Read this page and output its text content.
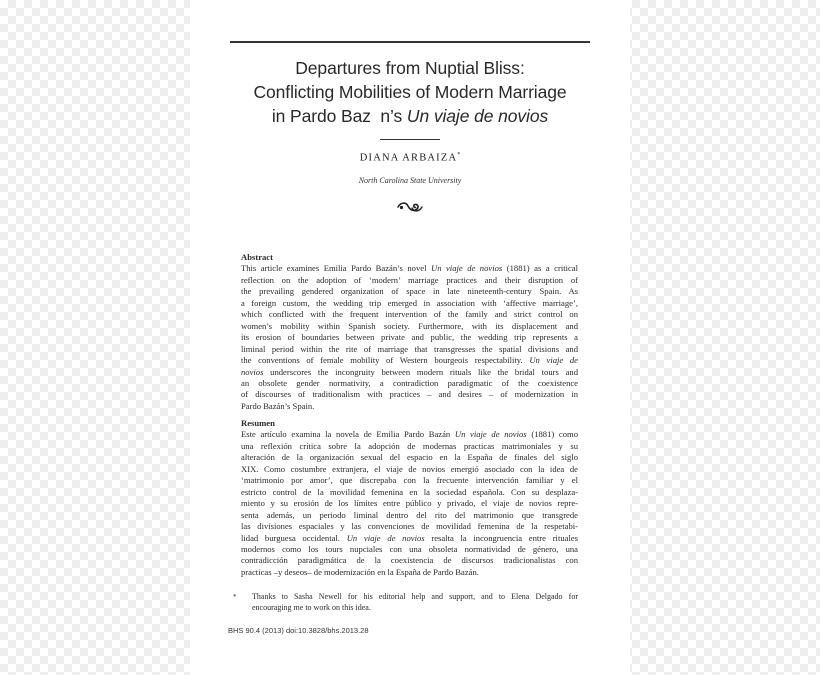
Departures from Nuptial Bliss:
Conflicting Mobilities of Modern Marriage
in Pardo Baz  n’s Un viaje de novios
DIANA ARBAIZA*
North Carolina State University
Abstract
This article examines Emilia Pardo Bazán’s novel Un viaje de novios (1881) as a critical
reflection on the adoption of ‘modern’ marriage practices and their disruption of
the prevailing gendered organization of space in late nineteenth-century Spain. As
a foreign custom, the wedding trip emerged in association with ‘affective marriage’,
which conflicted with the frequent intervention of the family and strict control on
women’s mobility within Spanish society. Furthermore, with its displacement and
its erosion of boundaries between private and public, the wedding trip represents a
liminal period within the rite of marriage that transgresses the spatial divisions and
the conventions of female mobility of Western bourgeois respectability. Un viaje de
novios underscores the incongruity between modern rituals like the bridal tours and
an obsolete gender normativity, a contradiction paradigmatic of the coexistence
of discourses of traditionalism with practices – and desires – of modernization in
Pardo Bazán’s Spain.
Resumen
Este artículo examina la novela de Emilia Pardo Bazán Un viaje de novios (1881) como
una reflexión crítica sobre la adopción de modernas practicas matrimoniales y su
alteración de la organización sexual del espacio en la España de finales del siglo
XIX. Como costumbre extranjera, el viaje de novios emergió asociado con la idea de
‘matrimonio por amor’, que discrepaba con la frecuente intervención familiar y el
estricto control de la movilidad femenina en la sociedad española. Con su desplaza-
miento y su erosión de los límites entre público y privado, el viaje de novios repre-
senta además, un periodo liminal dentro del rito del matrimonio que transgrede
las divisiones espaciales y las convenciones de movilidad femenina de la respetabi-
lidad burguesa occidental. Un viaje de novios resalta la incongruencia entre rituales
modernos como los tours nupciales con una obsoleta normatividad de género, una
contradicción paradigmática de la coexistencia de discursos tradicionalistas con
practicas –y deseos– de modernización en la España de Pardo Bazán.
* Thanks to Sasha Newell for his editorial help and support, and to Elena Delgado for
encouraging me to work on this idea.
BHS 90.4 (2013) doi:10.3828/bhs.2013.28
